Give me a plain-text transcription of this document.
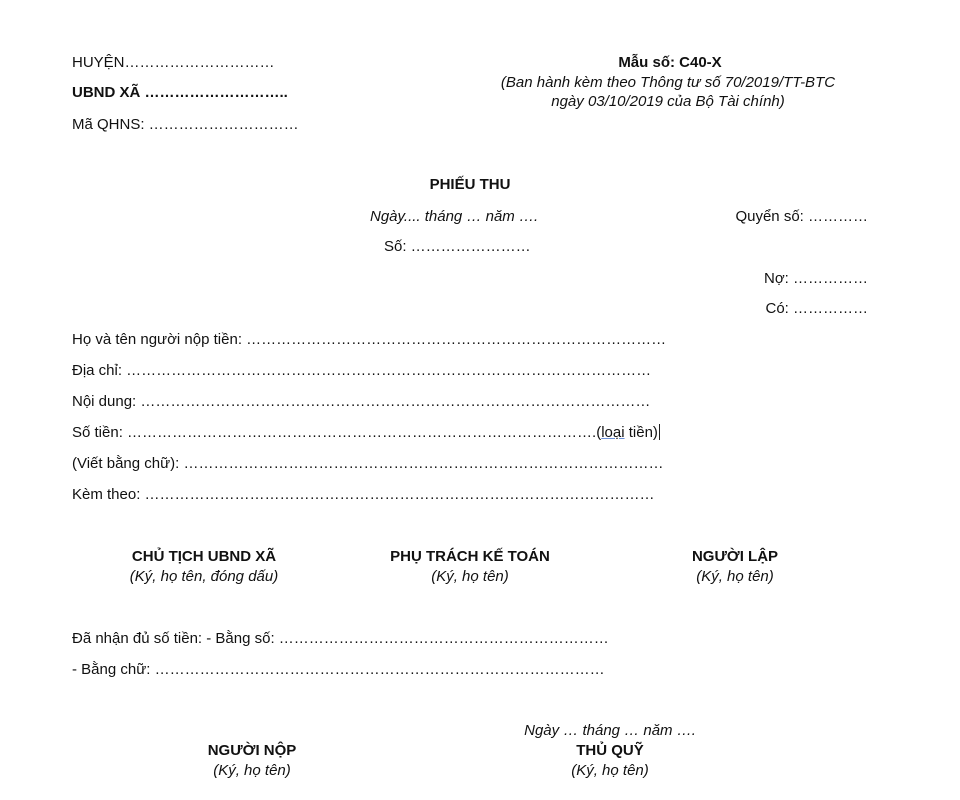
HUYỆN…………………………
UBND XÃ ………………………..
Mã QHNS: …………………………
Mẫu số: C40-X
(Ban hành kèm theo Thông tư số 70/2019/TT-BTC
ngày 03/10/2019 của Bộ Tài chính)
PHIẾU THU
Ngày.... tháng … năm ….	Quyển số: …………
Số: ……………………
Nợ: ……………
Có: ……………
Họ và tên người nộp tiền: …………………………………………………………………………
Địa chỉ: ……………………………………………………………………………………………
Nội dung: …………………………………………………………………………………………
Số tiền: ………………………………………………………………………………….(loại tiền)
(Viết bằng chữ): ……………………………………………………………………………………
Kèm theo: …………………………………………………………………………………………
CHỦ TỊCH UBND XÃ
(Ký, họ tên, đóng dấu)
PHỤ TRÁCH KẾ TOÁN
(Ký, họ tên)
NGƯỜI LẬP
(Ký, họ tên)
Đã nhận đủ số tiền: - Bằng số: …………………………………………………………
- Bằng chữ: ………………………………………………………………………………
Ngày … tháng … năm ….
NGƯỜI NỘP
(Ký, họ tên)
THỦ QUỸ
(Ký, họ tên)
